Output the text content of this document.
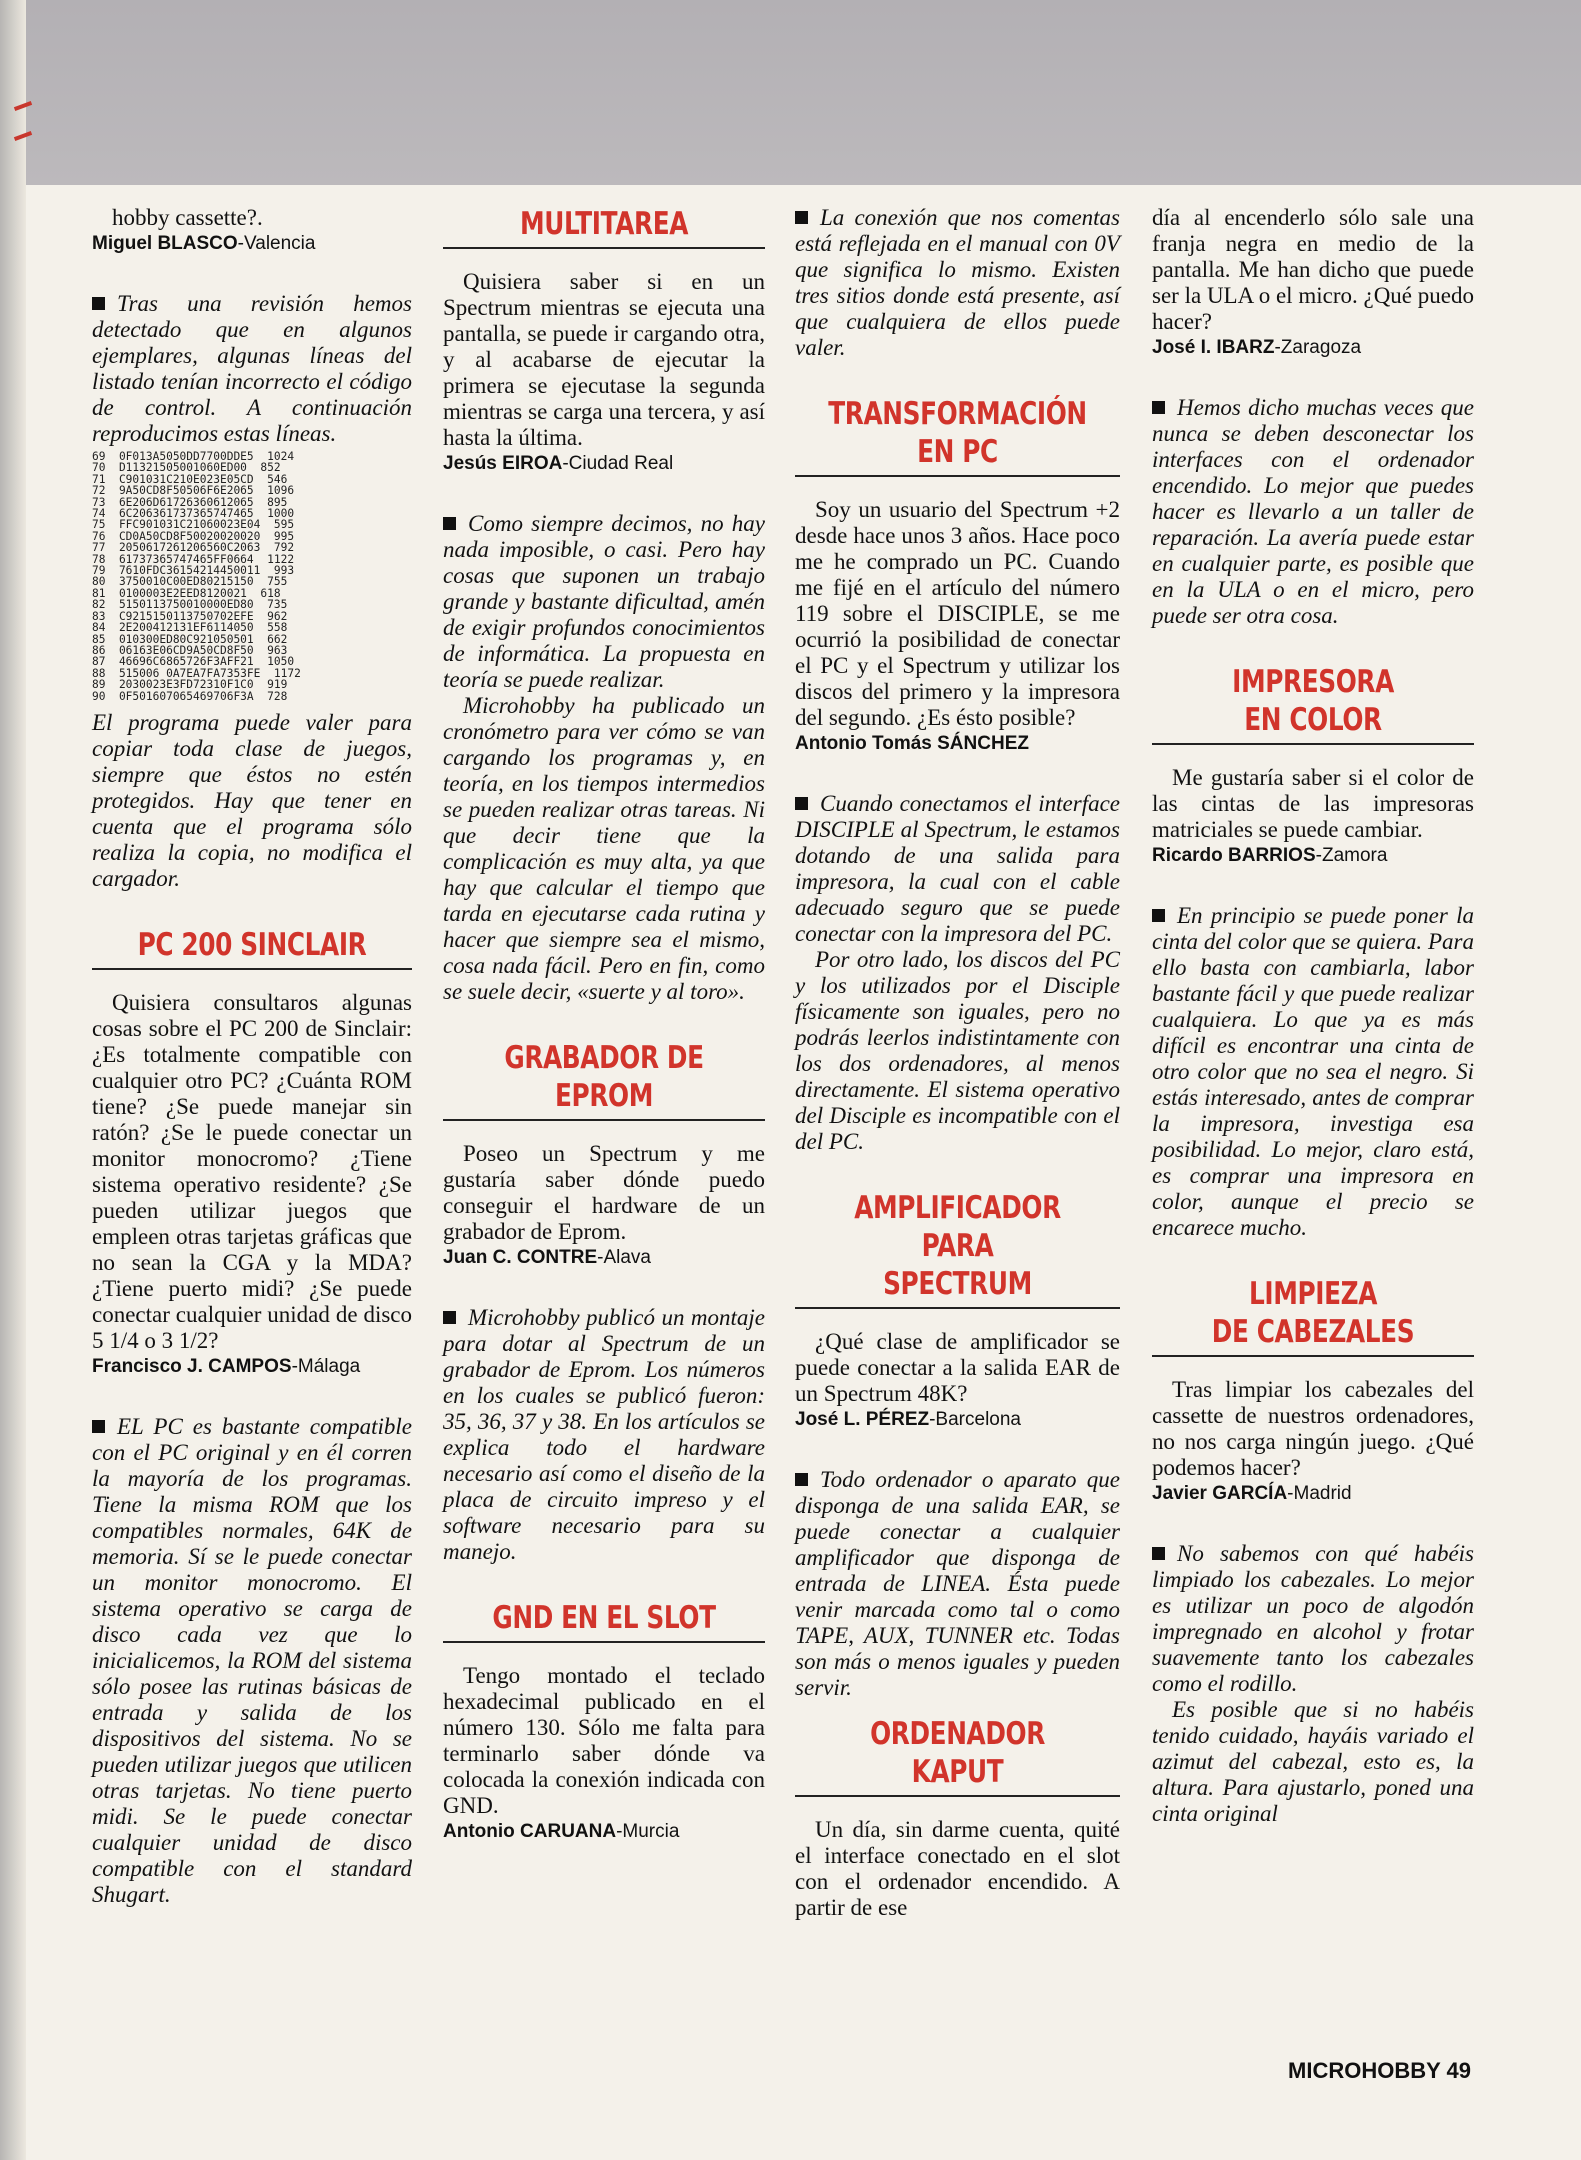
hobby cassette?.

Miguel BLASCO-Valencia

Tras una revisión hemos detectado que en algunos ejemplares, algunas líneas del listado tenían incorrecto el código de control. A continuación reproducimos estas líneas.

69  0F013A5050DD7700DDE5  1024
70  D11321505001060ED00  852
71  C901031C210E023E05CD  546
72  9A50CD8F50506F6E2065  1096
73  6E206D61726360612065  895
74  6C206361737365747465  1000
75  FFC901031C21060023E04  595
76  CD0A50CD8F50020020020  995
77  2050617261206560C2063  792
78  61737365747465FF0664  1122
79  7610FDC36154214450011  993
80  3750010C00ED80215150  755
81  0100003E2EED8120021  618
82  5150113750010000ED80  735
83  C9215150113750702EFE  962
84  2E200412131EF6114050  558
85  010300ED80C921050501  662
86  06163E06CD9A50CD8F50  963
87  46696C6865726F3AFF21  1050
88  515006 0A7EA7FA7353FE  1172
89  2030023E3FD72310F1C0  919
90  0F501607065469706F3A  728

El programa puede valer para copiar toda clase de juegos, siempre que éstos no estén protegidos. Hay que tener en cuenta que el programa sólo realiza la copia, no modifica el cargador.

PC 200 SINCLAIR

Quisiera consultaros algunas cosas sobre el PC 200 de Sinclair: ¿Es totalmente compatible con cualquier otro PC? ¿Cuánta ROM tiene? ¿Se puede manejar sin ratón? ¿Se le puede conectar un monitor monocromo? ¿Tiene sistema operativo residente? ¿Se pueden utilizar juegos que empleen otras tarjetas gráficas que no sean la CGA y la MDA? ¿Tiene puerto midi? ¿Se puede conectar cualquier unidad de disco 5 1/4 o 3 1/2?

Francisco J. CAMPOS-Málaga

EL PC es bastante compatible con el PC original y en él corren la mayoría de los programas. Tiene la misma ROM que los compatibles normales, 64K de memoria. Sí se le puede conectar un monitor monocromo. El sistema operativo se carga de disco cada vez que lo inicialicemos, la ROM del sistema sólo posee las rutinas básicas de entrada y salida de los dispositivos del sistema. No se pueden utilizar juegos que utilicen otras tarjetas. No tiene puerto midi. Se le puede conectar cualquier unidad de disco compatible con el standard Shugart.

MULTITAREA

Quisiera saber si en un Spectrum mientras se ejecuta una pantalla, se puede ir cargando otra, y al acabarse de ejecutar la primera se ejecutase la segunda mientras se carga una tercera, y así hasta la última.

Jesús EIROA-Ciudad Real

Como siempre decimos, no hay nada imposible, o casi. Pero hay cosas que suponen un trabajo grande y bastante dificultad, amén de exigir profundos conocimientos de informática. La propuesta en teoría se puede realizar.

Microhobby ha publicado un cronómetro para ver cómo se van cargando los programas y, en teoría, en los tiempos intermedios se pueden realizar otras tareas. Ni que decir tiene que la complicación es muy alta, ya que hay que calcular el tiempo que tarda en ejecutarse cada rutina y hacer que siempre sea el mismo, cosa nada fácil. Pero en fin, como se suele decir, «suerte y al toro».

GRABADOR DE
EPROM

Poseo un Spectrum y me gustaría saber dónde puedo conseguir el hardware de un grabador de Eprom.

Juan C. CONTRE-Alava

Microhobby publicó un montaje para dotar al Spectrum de un grabador de Eprom. Los números en los cuales se publicó fueron: 35, 36, 37 y 38. En los artículos se explica todo el hardware necesario así como el diseño de la placa de circuito impreso y el software necesario para su manejo.

GND EN EL SLOT

Tengo montado el teclado hexadecimal publicado en el número 130. Sólo me falta para terminarlo saber dónde va colocada la conexión indicada con GND.

Antonio CARUANA-Murcia

La conexión que nos comentas está reflejada en el manual con 0V que significa lo mismo. Existen tres sitios donde está presente, así que cualquiera de ellos puede valer.

TRANSFORMACIÓN
EN PC

Soy un usuario del Spectrum +2 desde hace unos 3 años. Hace poco me he comprado un PC. Cuando me fijé en el artículo del número 119 sobre el DISCIPLE, se me ocurrió la posibilidad de conectar el PC y el Spectrum y utilizar los discos del primero y la impresora del segundo. ¿Es ésto posible?

Antonio Tomás SÁNCHEZ

Cuando conectamos el interface DISCIPLE al Spectrum, le estamos dotando de una salida para impresora, la cual con el cable adecuado seguro que se puede conectar con la impresora del PC.

Por otro lado, los discos del PC y los utilizados por el Disciple físicamente son iguales, pero no podrás leerlos indistintamente con los dos ordenadores, al menos directamente. El sistema operativo del Disciple es incompatible con el del PC.

AMPLIFICADOR PARA
SPECTRUM

¿Qué clase de amplificador se puede conectar a la salida EAR de un Spectrum 48K?

José L. PÉREZ-Barcelona

Todo ordenador o aparato que disponga de una salida EAR, se puede conectar a cualquier amplificador que disponga de entrada de LINEA. Ésta puede venir marcada como tal o como TAPE, AUX, TUNNER etc. Todas son más o menos iguales y pueden servir.

ORDENADOR KAPUT

Un día, sin darme cuenta, quité el interface conectado en el slot con el ordenador encendido. A partir de ese

día al encenderlo sólo sale una franja negra en medio de la pantalla. Me han dicho que puede ser la ULA o el micro. ¿Qué puedo hacer?

José I. IBARZ-Zaragoza

Hemos dicho muchas veces que nunca se deben desconectar los interfaces con el ordenador encendido. Lo mejor que puedes hacer es llevarlo a un taller de reparación. La avería puede estar en cualquier parte, es posible que en la ULA o en el micro, pero puede ser otra cosa.

IMPRESORA
EN COLOR

Me gustaría saber si el color de las cintas de las impresoras matriciales se puede cambiar.

Ricardo BARRIOS-Zamora

En principio se puede poner la cinta del color que se quiera. Para ello basta con cambiarla, labor bastante fácil y que puede realizar cualquiera. Lo que ya es más difícil es encontrar una cinta de otro color que no sea el negro. Si estás interesado, antes de comprar la impresora, investiga esa posibilidad. Lo mejor, claro está, es comprar una impresora en color, aunque el precio se encarece mucho.

LIMPIEZA
DE CABEZALES

Tras limpiar los cabezales del cassette de nuestros ordenadores, no nos carga ningún juego. ¿Qué podemos hacer?

Javier GARCÍA-Madrid

No sabemos con qué habéis limpiado los cabezales. Lo mejor es utilizar un poco de algodón impregnado en alcohol y frotar suavemente tanto los cabezales como el rodillo.

Es posible que si no habéis tenido cuidado, hayáis variado el azimut del cabezal, esto es, la altura. Para ajustarlo, poned una cinta original

MICROHOBBY 49
